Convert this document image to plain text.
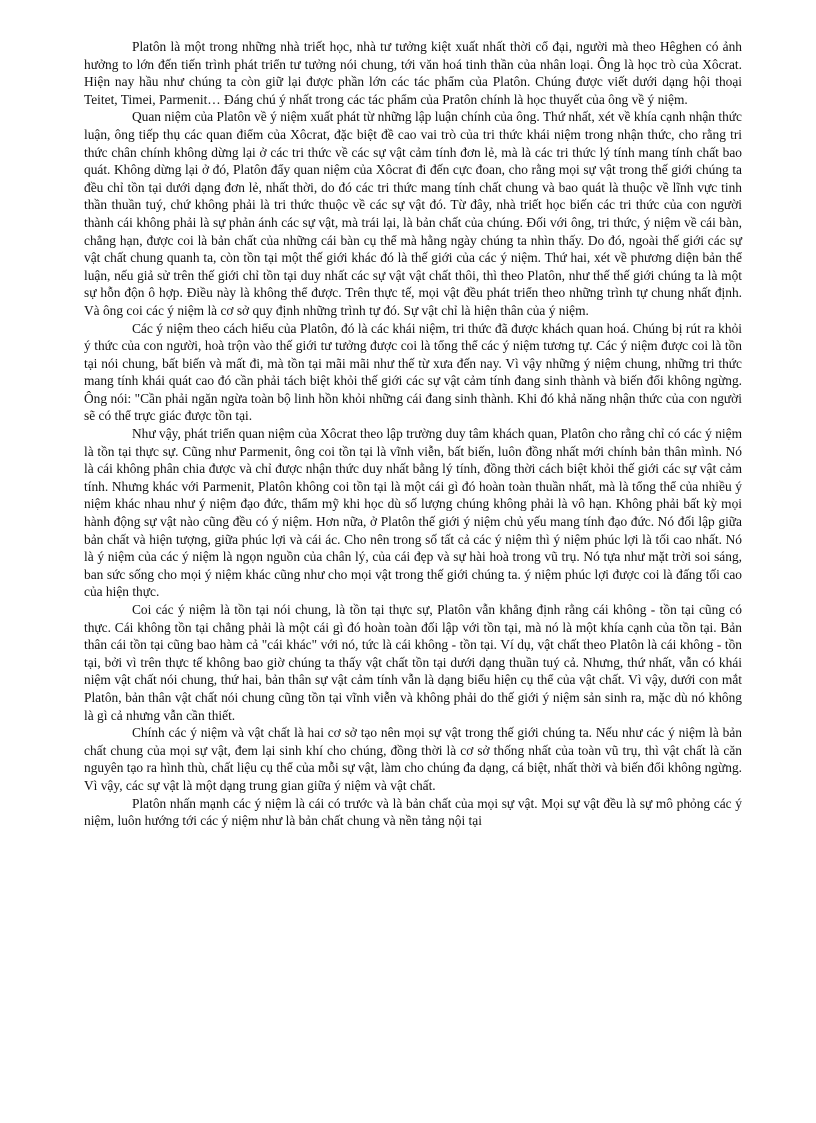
Platôn là một trong những nhà triết học, nhà tư tưởng kiệt xuất nhất thời cổ đại, người mà theo Hêghen có ảnh hưởng to lớn đến tiến trình phát triển tư tưởng nói chung, tới văn hoá tinh thần của nhân loại. Ông là học trò của Xôcrat. Hiện nay hầu như chúng ta còn giữ lại được phần lớn các tác phẩm của Platôn. Chúng được viết dưới dạng hội thoại Teitet, Timei, Parmenit… Đáng chú ý nhất trong các tác phẩm của Pratôn chính là học thuyết của ông về ý niệm.

Quan niệm của Platôn về ý niệm xuất phát từ những lập luận chính của ông. Thứ nhất, xét về khía cạnh nhận thức luận, ông tiếp thụ các quan điểm của Xôcrat, đặc biệt đề cao vai trò của tri thức khái niệm trong nhận thức, cho rằng tri thức chân chính không dừng lại ở các tri thức về các sự vật cảm tính đơn lẻ, mà là các tri thức lý tính mang tính chất bao quát. Không dừng lại ở đó, Platôn đẩy quan niệm của Xôcrat đi đến cực đoan, cho rằng mọi sự vật trong thế giới chúng ta đều chỉ tồn tại dưới dạng đơn lẻ, nhất thời, do đó các tri thức mang tính chất chung và bao quát là thuộc về lĩnh vực tinh thần thuần tuý, chứ không phải là tri thức thuộc về các sự vật đó. Từ đây, nhà triết học biến các tri thức của con người thành cái không phải là sự phản ánh các sự vật, mà trái lại, là bản chất của chúng. Đối với ông, tri thức, ý niệm về cái bàn, chẳng hạn, được coi là bản chất của những cái bàn cụ thể mà hằng ngày chúng ta nhìn thấy. Do đó, ngoài thế giới các sự vật chất chung quanh ta, còn tồn tại một thế giới khác đó là thế giới của các ý niệm. Thứ hai, xét về phương diện bản thể luận, nếu giả sử trên thế giới chỉ tồn tại duy nhất các sự vật vật chất thôi, thì theo Platôn, như thế thế giới chúng ta là một sự hỗn độn ô hợp. Điều này là không thể được. Trên thực tế, mọi vật đều phát triển theo những trình tự chung nhất định. Và ông coi các ý niệm là cơ sở quy định những trình tự đó. Sự vật chỉ là hiện thân của ý niệm.

Các ý niệm theo cách hiểu của Platôn, đó là các khái niệm, tri thức đã được khách quan hoá. Chúng bị rút ra khỏi ý thức của con người, hoà trộn vào thế giới tư tưởng được coi là tổng thể các ý niệm tương tự. Các ý niệm được coi là tồn tại nói chung, bất biến và mất đi, mà tồn tại mãi mãi như thế từ xưa đến nay. Vì vậy những ý niệm chung, những tri thức mang tính khái quát cao đó cần phải tách biệt khỏi thế giới các sự vật cảm tính đang sinh thành và biến đổi không ngừng. Ông nói: "Cần phải ngăn ngừa toàn bộ linh hồn khỏi những cái đang sinh thành. Khi đó khả năng nhận thức của con người sẽ có thể trực giác được tồn tại.

Như vậy, phát triển quan niệm của Xôcrat theo lập trường duy tâm khách quan, Platôn cho rằng chỉ có các ý niệm là tồn tại thực sự. Cũng như Parmenit, ông coi tồn tại là vĩnh viễn, bất biến, luôn đồng nhất mới chính bản thân mình. Nó là cái không phân chia được và chỉ được nhận thức duy nhất bằng lý tính, đồng thời cách biệt khỏi thế giới các sự vật cảm tính. Nhưng khác với Parmenit, Platôn không coi tồn tại là một cái gì đó hoàn toàn thuần nhất, mà là tổng thể của nhiều ý niệm khác nhau như ý niệm đạo đức, thẩm mỹ khi học dù số lượng chúng không phải là vô hạn. Không phải bất kỳ mọi hành động sự vật nào cũng đều có ý niệm. Hơn nữa, ở Platôn thế giới ý niệm chủ yếu mang tính đạo đức. Nó đối lập giữa bản chất và hiện tượng, giữa phúc lợi và cái ác. Cho nên trong số tất cả các ý niệm thì ý niệm phúc lợi là tối cao nhất. Nó là ý niệm của các ý niệm là ngọn nguồn của chân lý, của cái đẹp và sự hài hoà trong vũ trụ. Nó tựa như mặt trời soi sáng, ban sức sống cho mọi ý niệm khác cũng như cho mọi vật trong thế giới chúng ta. ý niệm phúc lợi được coi là đấng tối cao của hiện thực.

Coi các ý niệm là tồn tại nói chung, là tồn tại thực sự, Platôn vẫn khẳng định rằng cái không - tồn tại cũng có thực. Cái không tồn tại chẳng phải là một cái gì đó hoàn toàn đối lập với tồn tại, mà nó là một khía cạnh của tồn tại. Bản thân cái tồn tại cũng bao hàm cả "cái khác" với nó, tức là cái không - tồn tại. Ví dụ, vật chất theo Platôn là cái không - tồn tại, bởi vì trên thực tế không bao giờ chúng ta thấy vật chất tồn tại dưới dạng thuần tuý cả. Nhưng, thứ nhất, vẫn có khái niệm vật chất nói chung, thứ hai, bản thân sự vật cảm tính vẫn là dạng biểu hiện cụ thể của vật chất. Vì vậy, dưới con mắt Platôn, bản thân vật chất nói chung cũng tồn tại vĩnh viễn và không phải do thế giới ý niệm sản sinh ra, mặc dù nó không là gì cả nhưng vẫn cần thiết.

Chính các ý niệm và vật chất là hai cơ sở tạo nên mọi sự vật trong thế giới chúng ta. Nếu như các ý niệm là bản chất chung của mọi sự vật, đem lại sinh khí cho chúng, đồng thời là cơ sở thống nhất của toàn vũ trụ, thì vật chất là căn nguyên tạo ra hình thù, chất liệu cụ thể của mỗi sự vật, làm cho chúng đa dạng, cá biệt, nhất thời và biến đổi không ngừng. Vì vậy, các sự vật là một dạng trung gian giữa ý niệm và vật chất.

Platôn nhấn mạnh các ý niệm là cái có trước và là bản chất của mọi sự vật. Mọi sự vật đều là sự mô phỏng các ý niệm, luôn hướng tới các ý niệm như là bản chất chung và nền tảng nội tại
